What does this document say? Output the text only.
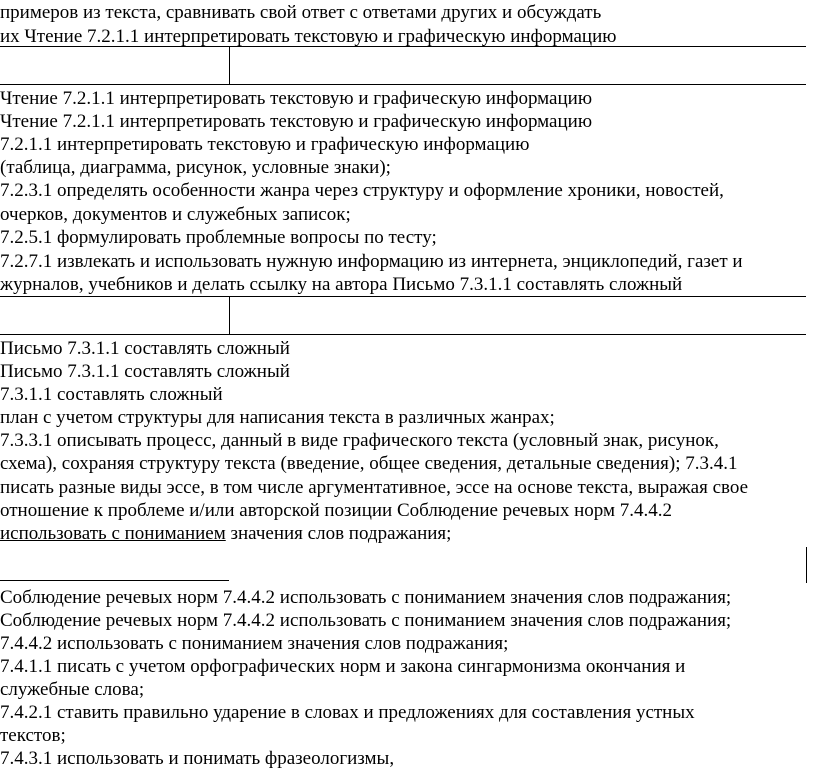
примеров из текста, сравнивать свой ответ с ответами других и обсуждать
их Чтение 7.2.1.1 интерпретировать текстовую и графическую информацию
Чтение 7.2.1.1 интерпретировать текстовую и графическую информацию
Чтение 7.2.1.1 интерпретировать текстовую и графическую информацию
7.2.1.1 интерпретировать текстовую и графическую информацию
(таблица, диаграмма, рисунок, условные знаки);
7.2.3.1 определять особенности жанра через структуру и оформление хроники, новостей,
очерков, документов и служебных записок;
7.2.5.1 формулировать проблемные вопросы по тесту;
7.2.7.1 извлекать и использовать нужную информацию из интернета, энциклопедий, газет и
журналов, учебников и делать ссылку на автора Письмо 7.3.1.1 составлять сложный
Письмо 7.3.1.1 составлять сложный
Письмо 7.3.1.1 составлять сложный
7.3.1.1 составлять сложный
план с учетом структуры для написания текста в различных жанрах;
7.3.3.1 описывать процесс, данный в виде графического текста (условный знак, рисунок,
схема), сохраняя структуру текста (введение, общее сведения, детальные сведения); 7.3.4.1
писать разные виды эссе, в том числе аргументативное, эссе на основе текста, выражая свое
отношение к проблеме и/или авторской позиции Соблюдение речевых норм 7.4.4.2
использовать с пониманием значения слов подражания;
Соблюдение речевых норм 7.4.4.2 использовать с пониманием значения слов подражания;
Соблюдение речевых норм 7.4.4.2 использовать с пониманием значения слов подражания;
7.4.4.2 использовать с пониманием значения слов подражания;
7.4.1.1 писать с учетом орфографических норм и закона сингармонизма окончания и
служебные слова;
7.4.2.1 ставить правильно ударение в словах и предложениях для составления устных
текстов;
7.4.3.1 использовать и понимать фразеологизмы,
